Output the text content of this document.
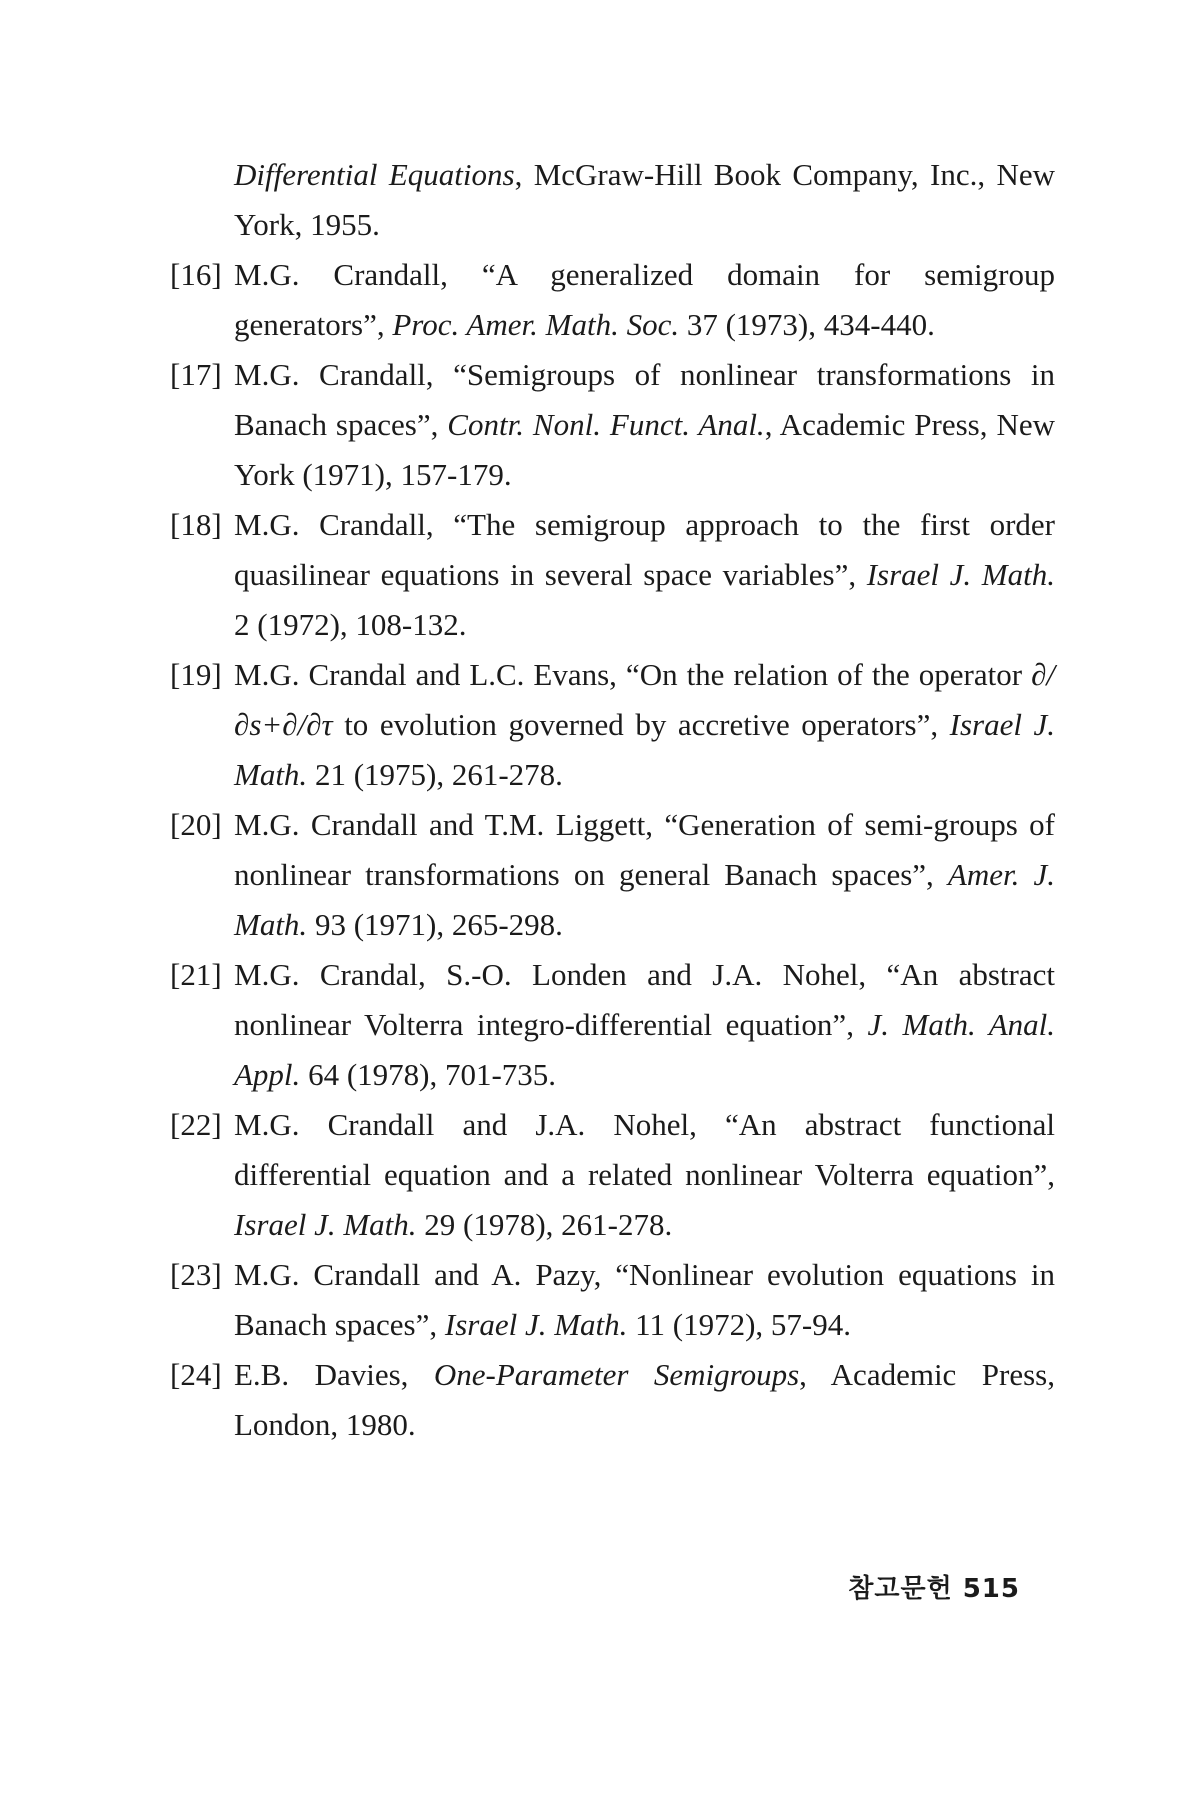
Differential Equations, McGraw-Hill Book Company, Inc., New York, 1955.
[16] M.G. Crandall, “A generalized domain for semigroup generators”, Proc. Amer. Math. Soc. 37 (1973), 434-440.
[17] M.G. Crandall, “Semigroups of nonlinear transformations in Banach spaces”, Contr. Nonl. Funct. Anal., Academic Press, New York (1971), 157-179.
[18] M.G. Crandall, “The semigroup approach to the first order quasilinear equations in several space variables”, Israel J. Math. 2 (1972), 108-132.
[19] M.G. Crandal and L.C. Evans, “On the relation of the operator ∂/∂s+∂/∂τ to evolution governed by accretive operators”, Israel J. Math. 21 (1975), 261-278.
[20] M.G. Crandall and T.M. Liggett, “Generation of semi-groups of nonlinear transformations on general Banach spaces”, Amer. J. Math. 93 (1971), 265-298.
[21] M.G. Crandal, S.-O. Londen and J.A. Nohel, “An abstract nonlinear Volterra integro-differential equation”, J. Math. Anal. Appl. 64 (1978), 701-735.
[22] M.G. Crandall and J.A. Nohel, “An abstract functional differential equation and a related nonlinear Volterra equation”, Israel J. Math. 29 (1978), 261-278.
[23] M.G. Crandall and A. Pazy, “Nonlinear evolution equations in Banach spaces”, Israel J. Math. 11 (1972), 57-94.
[24] E.B. Davies, One-Parameter Semigroups, Academic Press, London, 1980.
참고문헌 515
